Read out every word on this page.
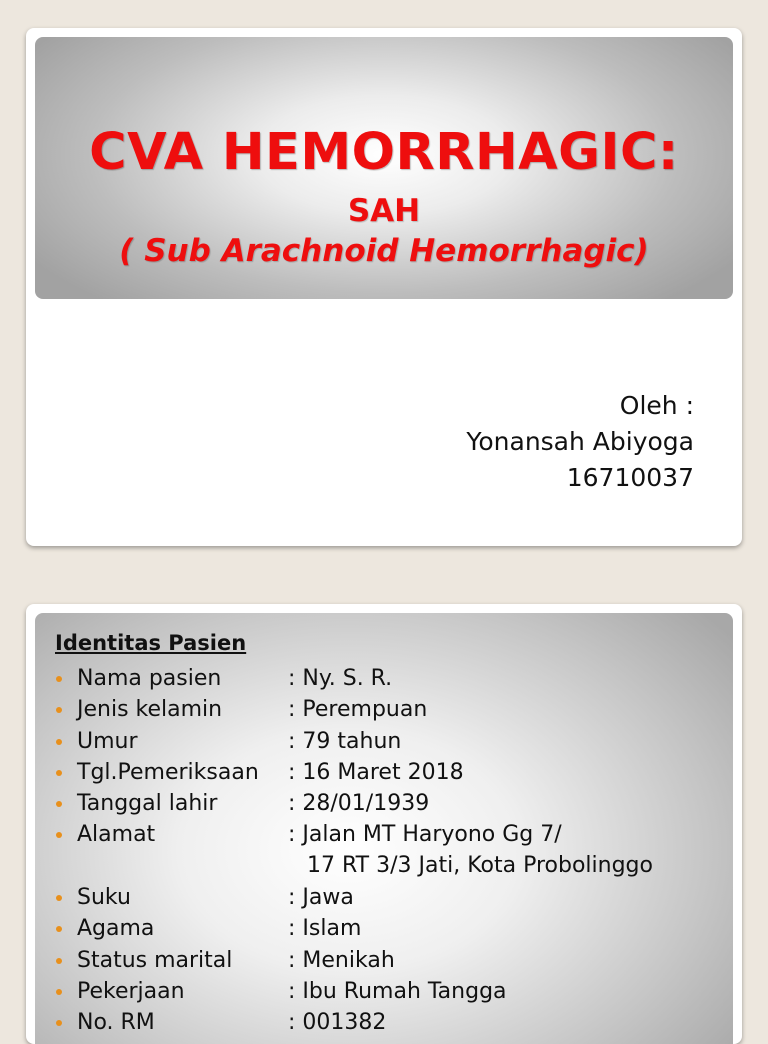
CVA HEMORRHAGIC:
SAH
( Sub Arachnoid Hemorrhagic)
Oleh :
Yonansah Abiyoga
16710037
Identitas Pasien
Nama pasien	: Ny. S. R.
Jenis kelamin	: Perempuan
Umur	: 79 tahun
Tgl.Pemeriksaan : 16 Maret 2018
Tanggal lahir	: 28/01/1939
Alamat	: Jalan MT Haryono Gg 7/
17 RT 3/3 Jati, Kota Probolinggo
Suku	: Jawa
Agama	: Islam
Status marital	: Menikah
Pekerjaan	: Ibu Rumah Tangga
No. RM	: 001382
